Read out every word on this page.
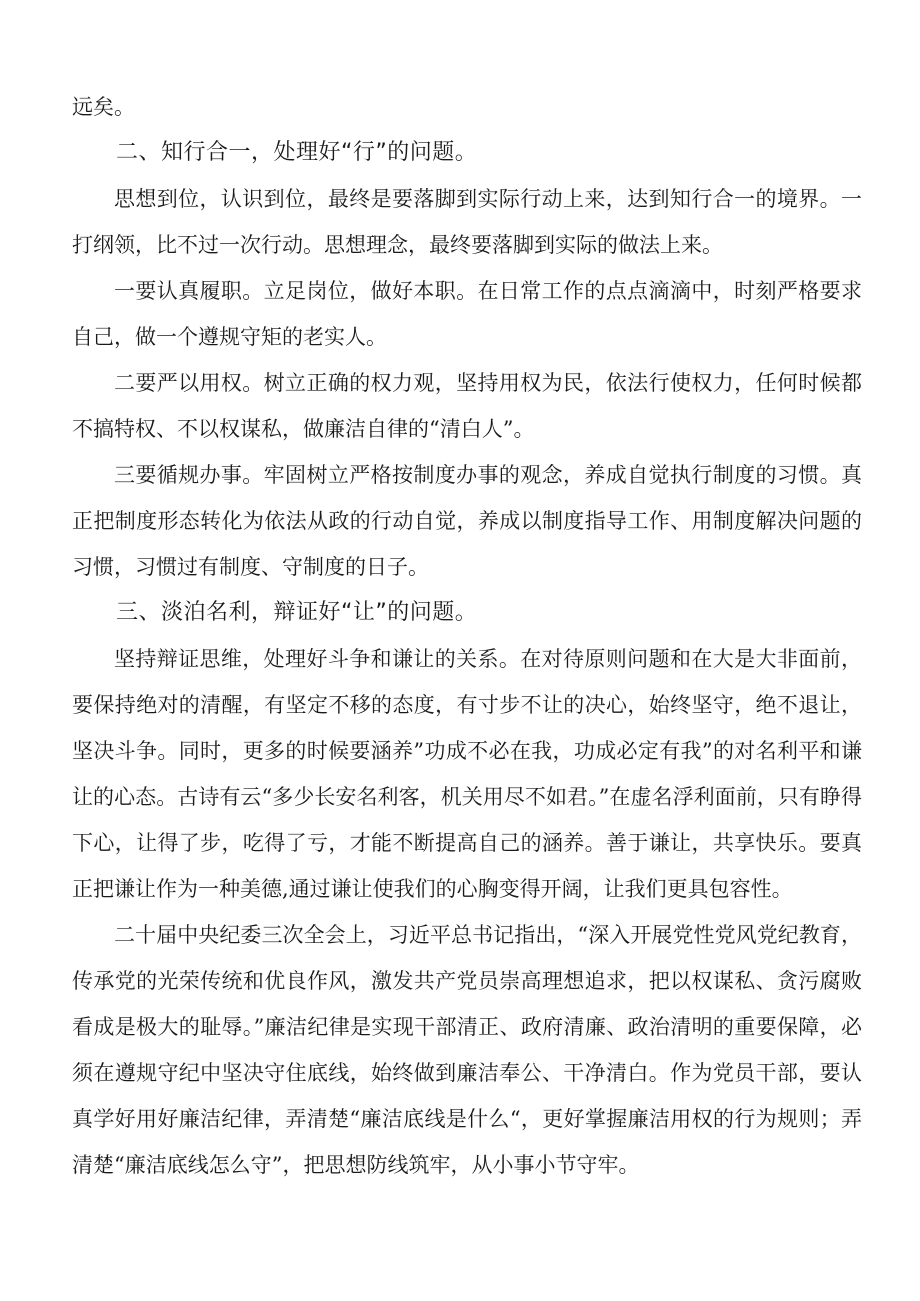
远矣。

二、知行合一，处理好“行”的问题。

思想到位，认识到位，最终是要落脚到实际行动上来，达到知行合一的境界。一打纲领，比不过一次行动。思想理念，最终要落脚到实际的做法上来。

一要认真履职。立足岗位，做好本职。在日常工作的点点滴滴中，时刻严格要求自己，做一个遵规守矩的老实人。

二要严以用权。树立正确的权力观，坚持用权为民，依法行使权力，任何时候都不搞特权、不以权谋私，做廉洁自律的“清白人”。

三要循规办事。牢固树立严格按制度办事的观念，养成自觉执行制度的习惯。真正把制度形态转化为依法从政的行动自觉，养成以制度指导工作、用制度解决问题的习惯，习惯过有制度、守制度的日子。

三、淡泊名利，辩证好“让”的问题。

坚持辩证思维，处理好斗争和谦让的关系。在对待原则问题和在大是大非面前，要保持绝对的清醒，有坚定不移的态度，有寸步不让的决心，始终坚守，绝不退让，坚决斗争。同时，更多的时候要涵养”功成不必在我，功成必定有我”的对名利平和谦让的心态。古诗有云“多少长安名利客，机关用尽不如君。”在虚名浮利面前，只有睁得下心，让得了步，吃得了亏，才能不断提高自己的涵养。善于谦让，共享快乐。要真正把谦让作为一种美德,通过谦让使我们的心胸变得开阔，让我们更具包容性。

二十届中央纪委三次全会上，习近平总书记指出，“深入开展党性党风党纪教育，传承党的光荣传统和优良作风，激发共产党员崇高理想追求，把以权谋私、贪污腐败看成是极大的耻辱。”廉洁纪律是实现干部清正、政府清廉、政治清明的重要保障，必须在遵规守纪中坚决守住底线，始终做到廉洁奉公、干净清白。作为党员干部，要认真学好用好廉洁纪律，弄清楚“廉洁底线是什么“，更好掌握廉洁用权的行为规则；弄清楚“廉洁底线怎么守”，把思想防线筑牢，从小事小节守牢。
